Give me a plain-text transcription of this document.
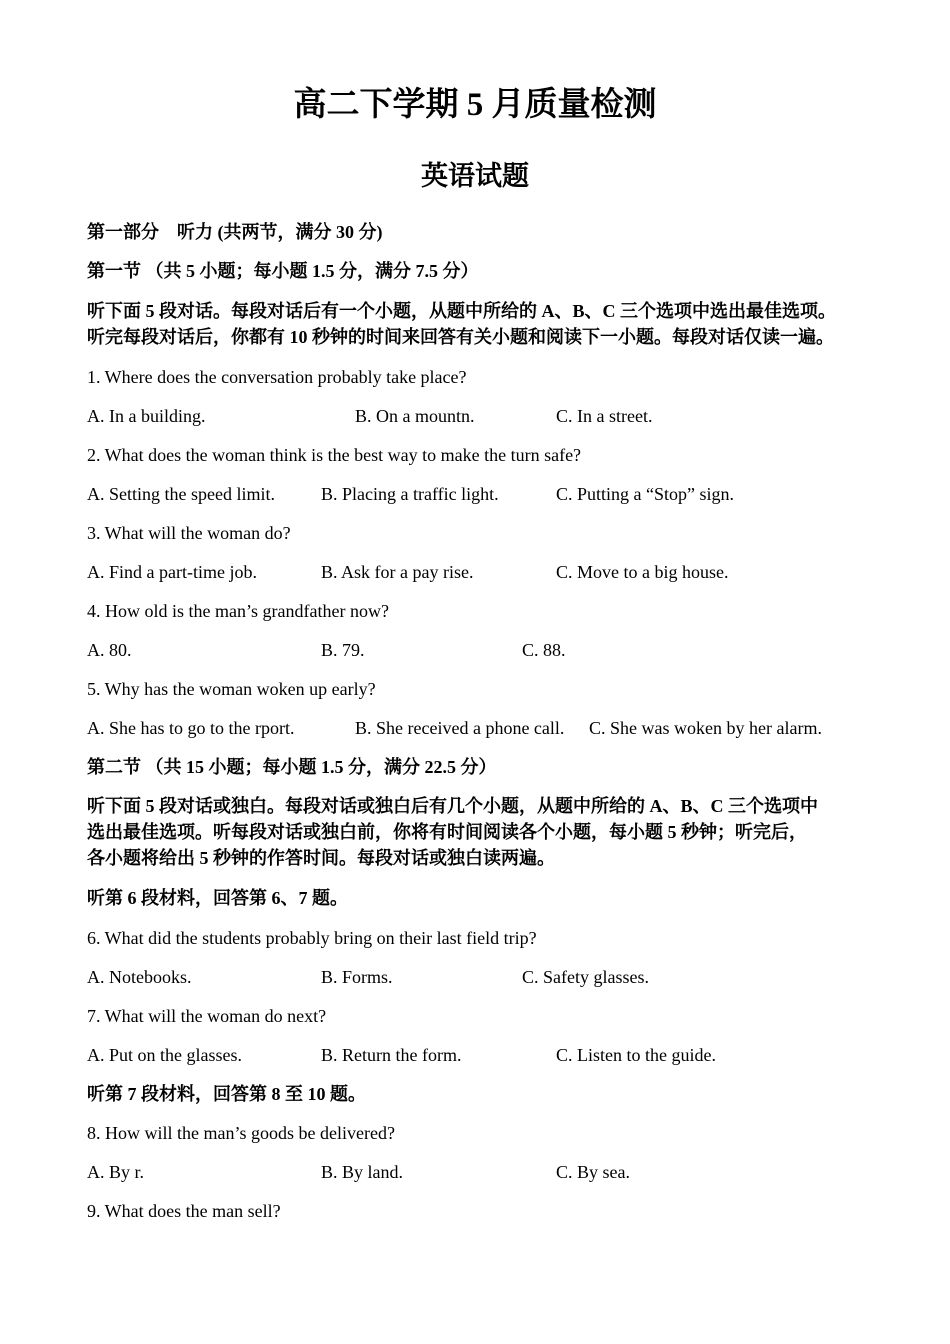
高二下学期 5 月质量检测
英语试题
第一部分　听力 (共两节，满分 30 分)
第一节 （共 5 小题；每小题 1.5 分，满分 7.5 分）
听下面 5 段对话。每段对话后有一个小题，从题中所给的 A、B、C 三个选项中选出最佳选项。
听完每段对话后，你都有 10 秒钟的时间来回答有关小题和阅读下一小题。每段对话仅读一遍。
1. Where does the conversation probably take place?
A. In a building.	B. On a mountn.	C. In a street.
2. What does the woman think is the best way to make the turn safe?
A. Setting the speed limit.	B. Placing a traffic light.	C. Putting a “Stop” sign.
3. What will the woman do?
A. Find a part-time job.	B. Ask for a pay rise.	C. Move to a big house.
4. How old is the man’s grandfather now?
A. 80.	B. 79.	C. 88.
5. Why has the woman woken up early?
A. She has to go to the rport.	B. She received a phone call. C. She was woken by her alarm.
第二节 （共 15 小题；每小题 1.5 分，满分 22.5 分）
听下面 5 段对话或独白。每段对话或独白后有几个小题，从题中所给的 A、B、C 三个选项中
选出最佳选项。听每段对话或独白前，你将有时间阅读各个小题，每小题 5 秒钟；听完后，
各小题将给出 5 秒钟的作答时间。每段对话或独白读两遍。
听第 6 段材料，回答第 6、7 题。
6. What did the students probably bring on their last field trip?
A. Notebooks.	B. Forms.	C. Safety glasses.
7. What will the woman do next?
A. Put on the glasses.	B. Return the form.	C. Listen to the guide.
听第 7 段材料，回答第 8 至 10 题。
8. How will the man’s goods be delivered?
A. By r.	B. By land.	C. By sea.
9. What does the man sell?
